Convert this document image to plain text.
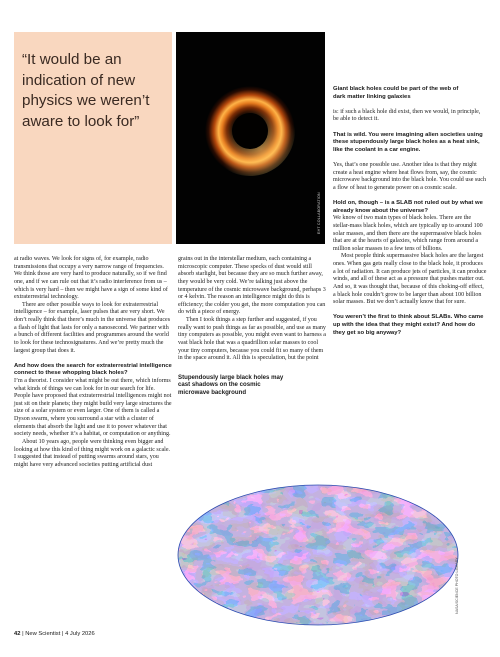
“It would be an indication of new physics we weren’t aware to look for”
EHT COLLABORATION

at radio waves. We look for signs of, for example, radio transmissions that occupy a very narrow range of frequencies. We think those are very hard to produce naturally, so if we find one, and if we can rule out that it’s radio interference from us – which is very hard – then we might have a sign of some kind of extraterrestrial technology.

There are other possible ways to look for extraterrestrial intelligence – for example, laser pulses that are very short. We don’t really think that there’s much in the universe that produces a flash of light that lasts for only a nanosecond. We partner with a bunch of different facilities and programmes around the world to look for these technosignatures. And we’re pretty much the largest group that does it.

And how does the search for extraterrestrial intelligence connect to these whopping black holes?

I’m a theorist. I consider what might be out there, which informs what kinds of things we can look for in our search for life. People have proposed that extraterrestrial intelligences might not just sit on their planets; they might build very large structures the size of a solar system or even larger. One of them is called a Dyson swarm, where you surround a star with a cluster of elements that absorb the light and use it to power whatever that society needs, whether it’s a habitat, or computation or anything.

About 10 years ago, people were thinking even bigger and looking at how this kind of thing might work on a galactic scale. I suggested that instead of putting swarms around stars, you might have very advanced societies putting artificial dust

grains out in the interstellar medium, each containing a microscopic computer. These specks of dust would still absorb starlight, but because they are so much further away, they would be very cold. We’re talking just above the temperature of the cosmic microwave background, perhaps 3 or 4 kelvin. The reason an intelligence might do this is efficiency; the colder you get, the more computation you can do with a piece of energy.

Then I took things a step further and suggested, if you really want to push things as far as possible, and use as many tiny computers as possible, you might even want to harness a vast black hole that was a quadrillion solar masses to cool your tiny computers, because you could fit so many of them in the space around it. All this is speculation, but the point

Stupendously large black holes may cast shadows on the cosmic microwave background

Giant black holes could be part of the web of dark matter linking galaxies

is: if such a black hole did exist, then we would, in principle, be able to detect it.

That is wild. You were imagining alien societies using these stupendously large black holes as a heat sink, like the coolant in a car engine.

Yes, that’s one possible use. Another idea is that they might create a heat engine where heat flows from, say, the cosmic microwave background into the black hole. You could use such a flow of heat to generate power on a cosmic scale.

Hold on, though – is a SLAB not ruled out by what we already know about the universe?

We know of two main types of black holes. There are the stellar-mass black holes, which are typically up to around 100 solar masses, and then there are the supermassive black holes that are at the hearts of galaxies, which range from around a million solar masses to a few tens of billions.

Most people think supermassive black holes are the largest ones. When gas gets really close to the black hole, it produces a lot of radiation. It can produce jets of particles, it can produce winds, and all of these act as a pressure that pushes matter out. And so, it was thought that, because of this choking-off effect, a black hole couldn’t grow to be larger than about 100 billion solar masses. But we don’t actually know that for sure.

You weren’t the first to think about SLABs. Who came up with the idea that they might exist? And how do they get so big anyway?

NASA/SCIENCE PHOTO LIBRARY
42 | New Scientist | 4 July 2026
